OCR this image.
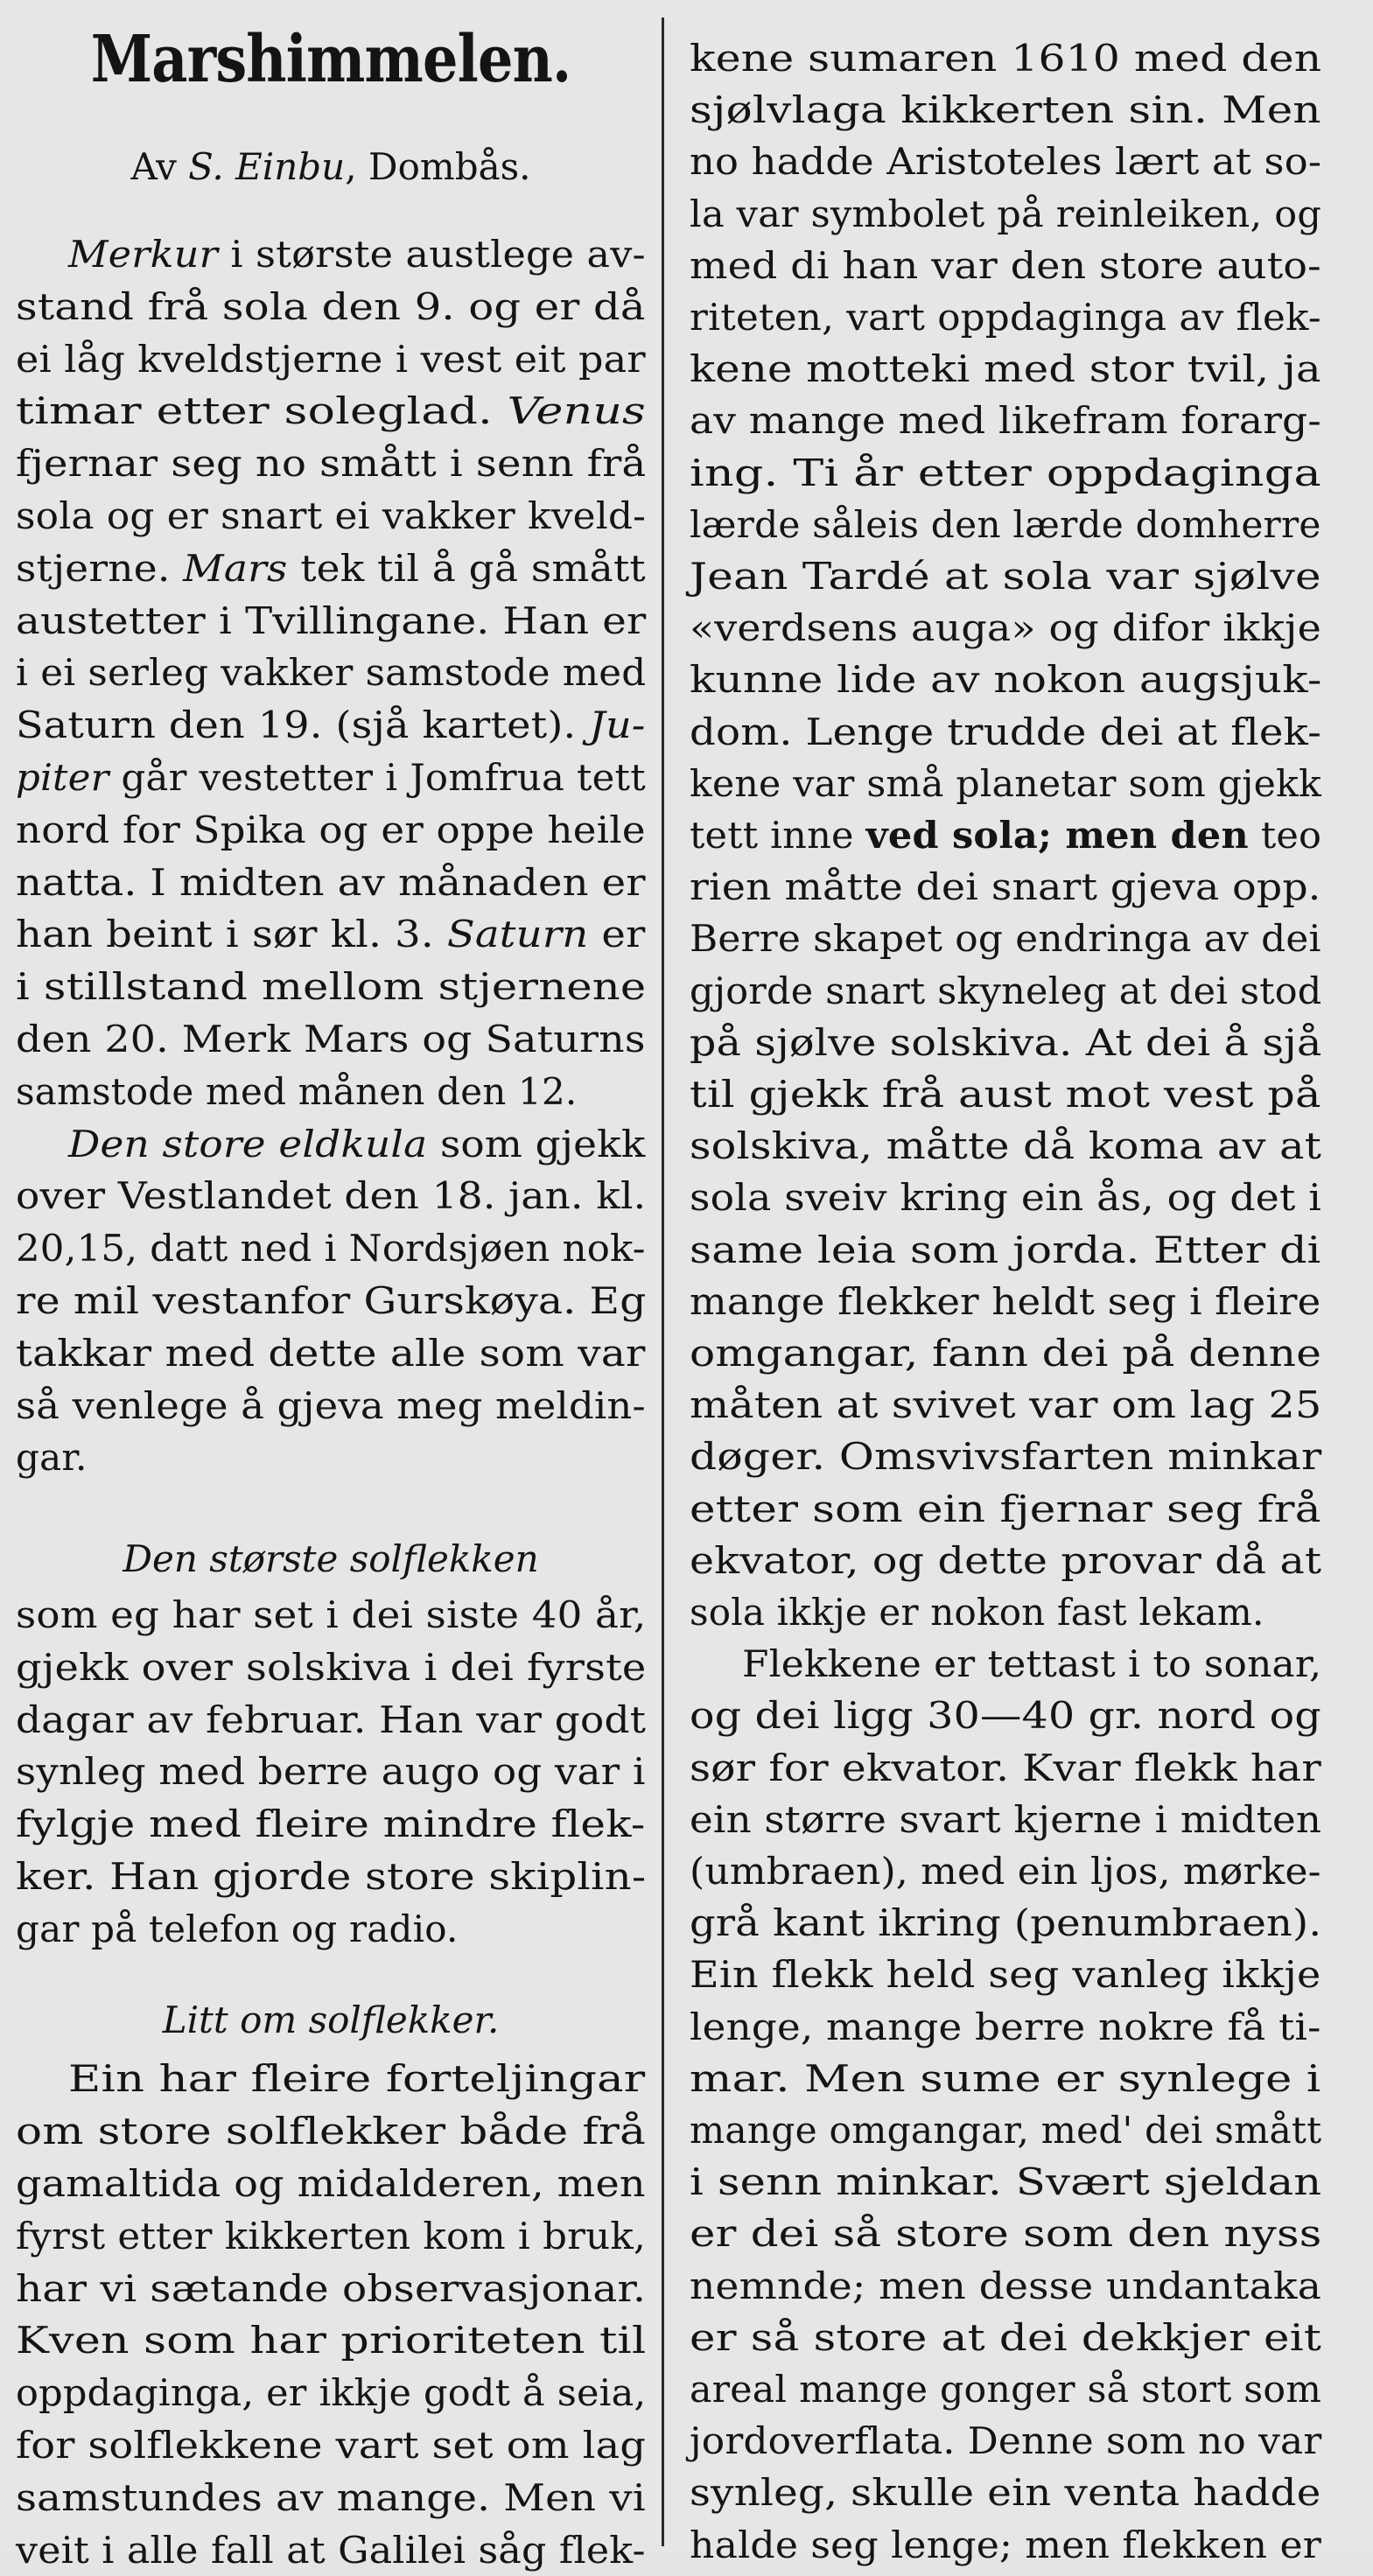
Marshimmelen.
Av S. Einbu, Dombås.
Merkur i største austlege av-
stand frå sola den 9. og er då
ei låg kveldstjerne i vest eit par
timar etter soleglad. Venus
fjernar seg no smått i senn frå
sola og er snart ei vakker kveld-
stjerne. Mars tek til å gå smått
austetter i Tvillingane. Han er
i ei serleg vakker samstode med
Saturn den 19. (sjå kartet). Ju-
piter går vestetter i Jomfrua tett
nord for Spika og er oppe heile
natta. I midten av månaden er
han beint i sør kl. 3. Saturn er
i stillstand mellom stjernene
den 20. Merk Mars og Saturns
samstode med månen den 12.
Den store eldkula som gjekk
over Vestlandet den 18. jan. kl.
20,15, datt ned i Nordsjøen nok-
re mil vestanfor Gurskøya. Eg
takkar med dette alle som var
så venlege å gjeva meg meldin-
gar.
Den største solflekken
som eg har set i dei siste 40 år,
gjekk over solskiva i dei fyrste
dagar av februar. Han var godt
synleg med berre augo og var i
fylgje med fleire mindre flek-
ker. Han gjorde store skiplin-
gar på telefon og radio.
Litt om solflekker.
Ein har fleire forteljingar
om store solflekker både frå
gamaltida og midalderen, men
fyrst etter kikkerten kom i bruk,
har vi sætande observasjonar.
Kven som har prioriteten til
oppdaginga, er ikkje godt å seia,
for solflekkene vart set om lag
samstundes av mange. Men vi
veit i alle fall at Galilei såg flek-
kene sumaren 1610 med den
sjølvlaga kikkerten sin. Men
no hadde Aristoteles lært at so-
la var symbolet på reinleiken, og
med di han var den store auto-
riteten, vart oppdaginga av flek-
kene motteki med stor tvil, ja
av mange med likefram forarg-
ing. Ti år etter oppdaginga
lærde såleis den lærde domherre
Jean Tardé at sola var sjølve
«verdsens auga» og difor ikkje
kunne lide av nokon augsjuk-
dom. Lenge trudde dei at flek-
kene var små planetar som gjekk
tett inne ved sola; men den teo
rien måtte dei snart gjeva opp.
Berre skapet og endringa av dei
gjorde snart skyneleg at dei stod
på sjølve solskiva. At dei å sjå
til gjekk frå aust mot vest på
solskiva, måtte då koma av at
sola sveiv kring ein ås, og det i
same leia som jorda. Etter di
mange flekker heldt seg i fleire
omgangar, fann dei på denne
måten at svivet var om lag 25
døger. Omsvivsfarten minkar
etter som ein fjernar seg frå
ekvator, og dette provar då at
sola ikkje er nokon fast lekam.
Flekkene er tettast i to sonar,
og dei ligg 30—40 gr. nord og
sør for ekvator. Kvar flekk har
ein større svart kjerne i midten
(umbraen), med ein ljos, mørke-
grå kant ikring (penumbraen).
Ein flekk held seg vanleg ikkje
lenge, mange berre nokre få ti-
mar. Men sume er synlege i
mange omgangar, med' dei smått
i senn minkar. Svært sjeldan
er dei så store som den nyss
nemnde; men desse undantaka
er så store at dei dekkjer eit
areal mange gonger så stort som
jordoverflata. Denne som no var
synleg, skulle ein venta hadde
halde seg lenge; men flekken er
